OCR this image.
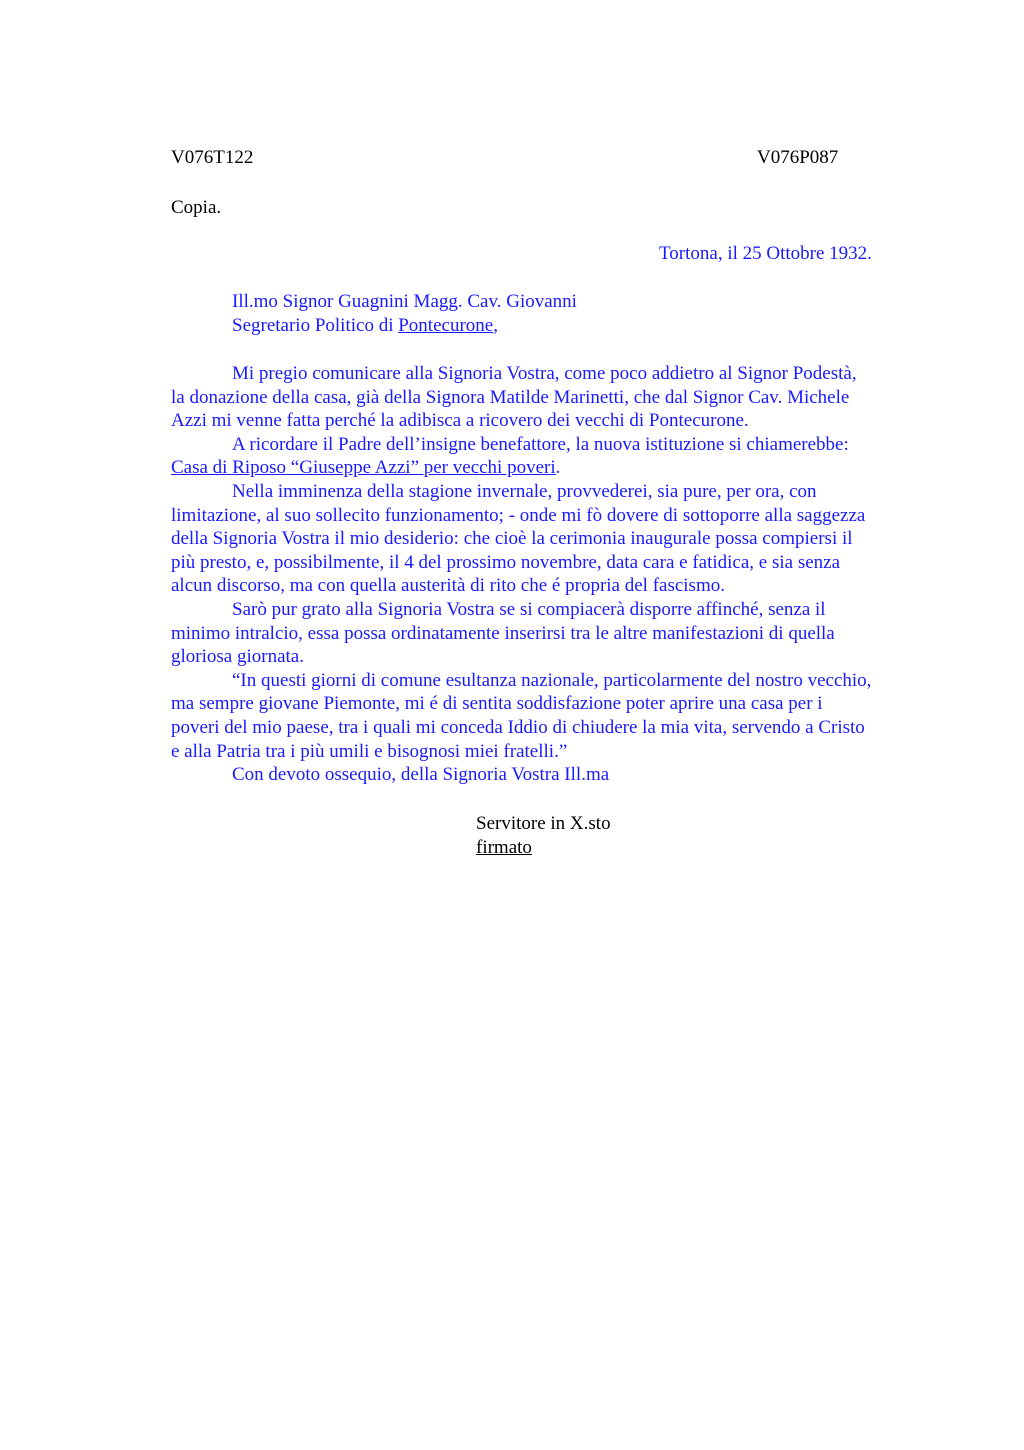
V076T122	V076P087
Copia.
Tortona, il 25 Ottobre 1932.
Ill.mo Signor Guagnini Magg. Cav. Giovanni
Segretario Politico di Pontecurone,
Mi pregio comunicare alla Signoria Vostra, come poco addietro al Signor Podestà,
la donazione della casa, già della Signora Matilde Marinetti, che dal Signor Cav. Michele
Azzi mi venne fatta perché la adibisca a ricovero dei vecchi di Pontecurone.
A ricordare il Padre dell’insigne benefattore, la nuova istituzione si chiamerebbe:
Casa di Riposo “Giuseppe Azzi” per vecchi poveri.
Nella imminenza della stagione invernale, provvederei, sia pure, per ora, con
limitazione, al suo sollecito funzionamento; - onde mi fò dovere di sottoporre alla saggezza
della Signoria Vostra il mio desiderio: che cioè la cerimonia inaugurale possa compiersi il
più presto, e, possibilmente, il 4 del prossimo novembre, data cara e fatidica, e sia senza
alcun discorso, ma con quella austerità di rito che é propria del fascismo.
Sarò pur grato alla Signoria Vostra se si compiacerà disporre affinché, senza il
minimo intralcio, essa possa ordinatamente inserirsi tra le altre manifestazioni di quella
gloriosa giornata.
“In questi giorni di comune esultanza nazionale, particolarmente del nostro vecchio,
ma sempre giovane Piemonte, mi é di sentita soddisfazione poter aprire una casa per i
poveri del mio paese, tra i quali mi conceda Iddio di chiudere la mia vita, servendo a Cristo
e alla Patria tra i più umili e bisognosi miei fratelli.”
Con devoto ossequio, della Signoria Vostra Ill.ma
Servitore in X.sto
firmato
